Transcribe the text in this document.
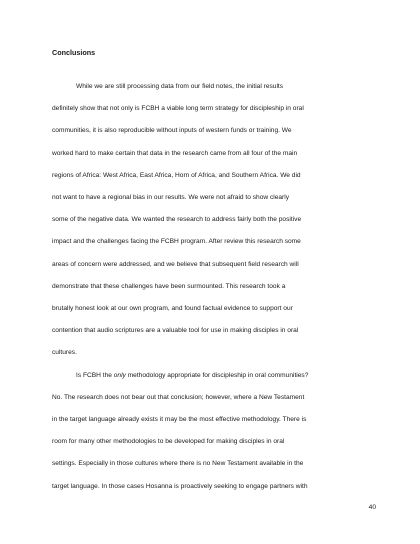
Conclusions
While we are still processing data from our field notes, the initial results
definitely show that not only is FCBH a viable long term strategy for discipleship in oral
communities, it is also reproducible without inputs of western funds or training. We
worked hard to make certain that data in the research came from all four of the main
regions of Africa: West Africa, East Africa, Horn of Africa, and Southern Africa. We did
not want to have a regional bias in our results. We were not afraid to show clearly
some of the negative data. We wanted the research to address fairly both the positive
impact and the challenges facing the FCBH program. After review this research some
areas of concern were addressed, and we believe that subsequent field research will
demonstrate that these challenges have been surmounted. This research took a
brutally honest look at our own program, and found factual evidence to support our
contention that audio scriptures are a valuable tool for use in making disciples in oral
cultures.
Is FCBH the only methodology appropriate for discipleship in oral communities?
No. The research does not bear out that conclusion; however, where a New Testament
in the target language already exists it may be the most effective methodology. There is
room for many other methodologies to be developed for making disciples in oral
settings. Especially in those cultures where there is no New Testament available in the
target language. In those cases Hosanna is proactively seeking to engage partners with
40
